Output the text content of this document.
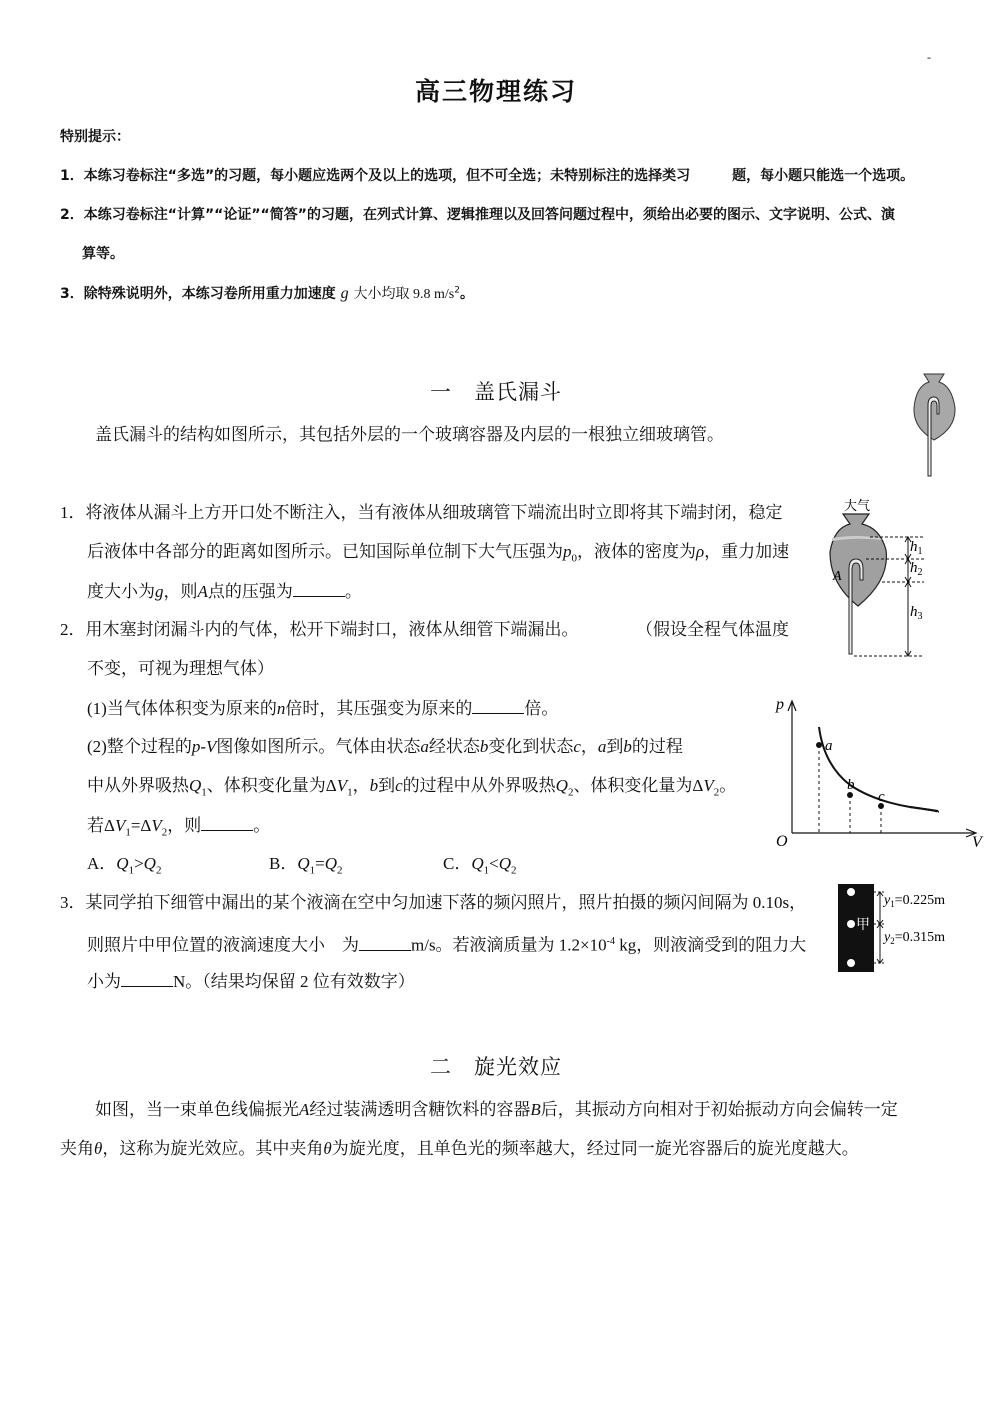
-
高三物理练习
特别提示：
1．本练习卷标注“多选”的习题，每小题应选两个及以上的选项，但不可全选；未特别标注的选择类习	题，每小题只能选一个选项。
2．本练习卷标注“计算”“论证”“简答”的习题，在列式计算、逻辑推理以及回答问题过程中，须给出必要的图示、文字说明、公式、演
算等。
3．除特殊说明外，本练习卷所用重力加速度 g 大小均取 9.8 $m/s^2$。
一　盖氏漏斗
盖氏漏斗的结构如图所示，其包括外层的一个玻璃容器及内层的一根独立细玻璃管。
1．将液体从漏斗上方开口处不断注入，当有液体从细玻璃管下端流出时立即将其下端封闭，稳定
后液体中各部分的距离如图所示。已知国际单位制下大气压强为$p_0$，液体的密度为ρ，重力加速
度大小为g，则A点的压强为	。
大气
A
$h_1$
$h_2$
$h_3$
2．用木塞封闭漏斗内的气体，松开下端封口，液体从细管下端漏出。	（假设全程气体温度
不变，可视为理想气体）
(1)当气体体积变为原来的n倍时，其压强变为原来的	倍。
(2)整个过程的p-V图像如图所示。气体由状态a经状态b变化到状态c，a到b的过程
中从外界吸热$Q_1$、体积变化量为$\Delta V_1$，b到c的过程中从外界吸热$Q_2$、体积变化量为$\Delta V_2$。
若$\Delta V_1=\Delta V_2$，则	。
A．$Q_1>Q_2$	B．$Q_1=Q_2$	C．$Q_1<Q_2$
p
V
O
a
b
c
3．某同学拍下细管中漏出的某个液滴在空中匀加速下落的频闪照片，照片拍摄的频闪间隔为 0.10s，
则照片中甲位置的液滴速度大小　为	m/s。若液滴质量为 $1.2\times 10^{-4}$ kg，则液滴受到的阻力大
小为	N。（结果均保留 2 位有效数字）
甲
$y_1=0.225m$
$y_2=0.315m$
二　旋光效应
如图，当一束单色线偏振光A经过装满透明含糖饮料的容器B后，其振动方向相对于初始振动方向会偏转一定
夹角θ，这称为旋光效应。其中夹角θ为旋光度，且单色光的频率越大，经过同一旋光容器后的旋光度越大。
